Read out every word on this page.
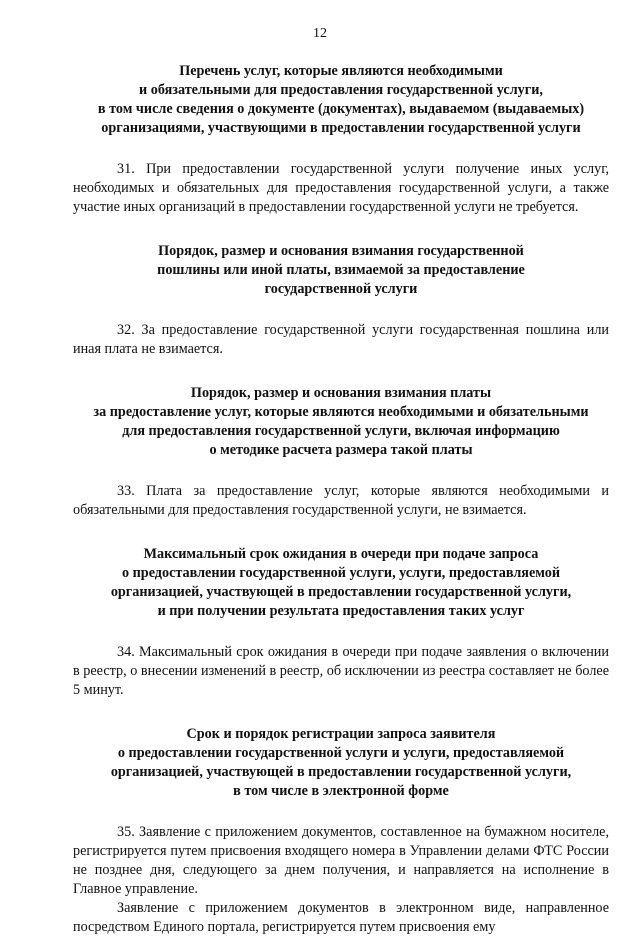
12
Перечень услуг, которые являются необходимыми
и обязательными для предоставления государственной услуги,
в том числе сведения о документе (документах), выдаваемом (выдаваемых)
организациями, участвующими в предоставлении государственной услуги

31. При предоставлении государственной услуги получение иных услуг, необходимых и обязательных для предоставления государственной услуги, а также участие иных организаций в предоставлении государственной услуги не требуется.

Порядок, размер и основания взимания государственной
пошлины или иной платы, взимаемой за предоставление
государственной услуги

32. За предоставление государственной услуги государственная пошлина или иная плата не взимается.

Порядок, размер и основания взимания платы
за предоставление услуг, которые являются необходимыми и обязательными
для предоставления государственной услуги, включая информацию
о методике расчета размера такой платы

33. Плата за предоставление услуг, которые являются необходимыми и обязательными для предоставления государственной услуги, не взимается.

Максимальный срок ожидания в очереди при подаче запроса
о предоставлении государственной услуги, услуги, предоставляемой
организацией, участвующей в предоставлении государственной услуги,
и при получении результата предоставления таких услуг

34. Максимальный срок ожидания в очереди при подаче заявления о включении в реестр, о внесении изменений в реестр, об исключении из реестра составляет не более 5 минут.

Срок и порядок регистрации запроса заявителя
о предоставлении государственной услуги и услуги, предоставляемой
организацией, участвующей в предоставлении государственной услуги,
в том числе в электронной форме

35. Заявление с приложением документов, составленное на бумажном носителе, регистрируется путем присвоения входящего номера в Управлении делами ФТС России не позднее дня, следующего за днем получения, и направляется на исполнение в Главное управление.

Заявление с приложением документов в электронном виде, направленное посредством Единого портала, регистрируется путем присвоения ему
